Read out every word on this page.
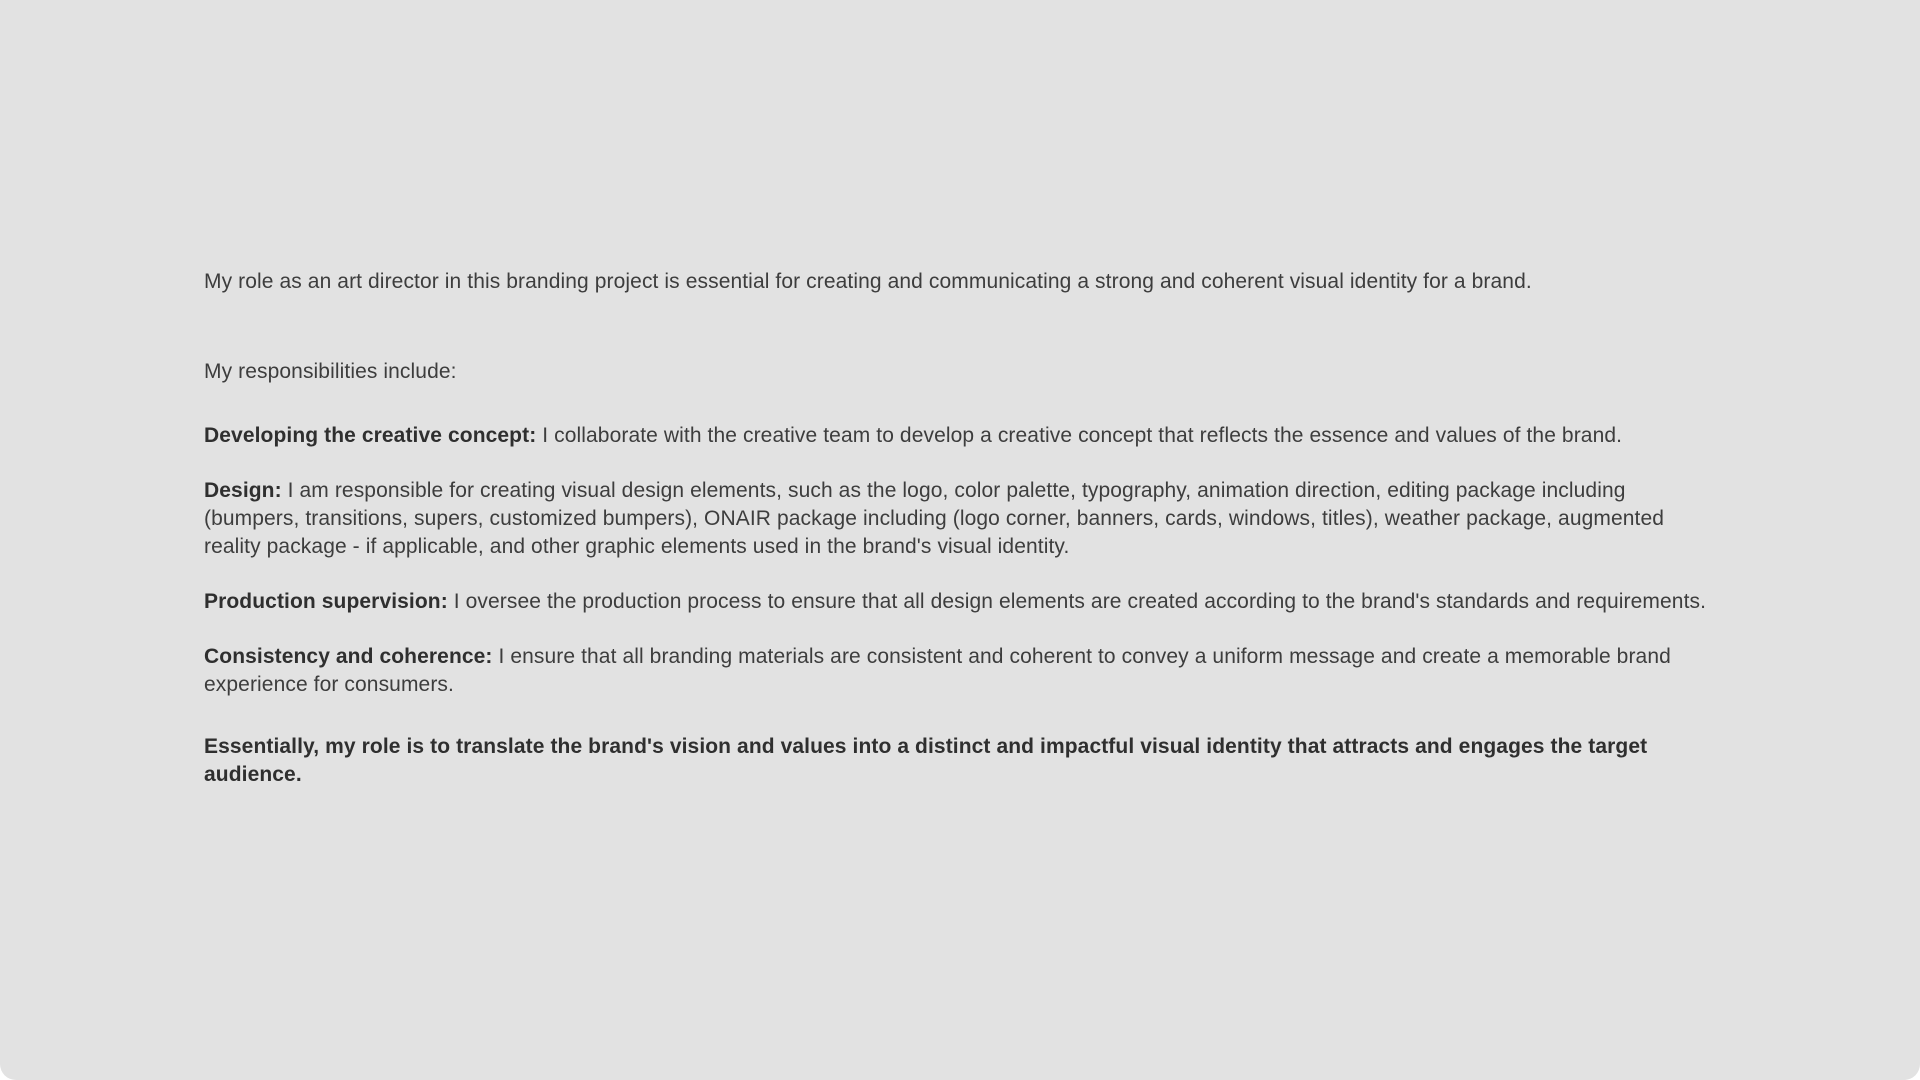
My role as an art director in this branding project is essential for creating and communicating a strong and coherent visual identity for a brand.

My responsibilities include:

Developing the creative concept: I collaborate with the creative team to develop a creative concept that reflects the essence and values of the brand.

Design: I am responsible for creating visual design elements, such as the logo, color palette, typography, animation direction, editing package including (bumpers, transitions, supers, customized bumpers), ONAIR package including (logo corner, banners, cards, windows, titles), weather package, augmented reality package - if applicable, and other graphic elements used in the brand's visual identity.

Production supervision: I oversee the production process to ensure that all design elements are created according to the brand's standards and requirements.

Consistency and coherence: I ensure that all branding materials are consistent and coherent to convey a uniform message and create a memorable brand experience for consumers.

Essentially, my role is to translate the brand's vision and values into a distinct and impactful visual identity that attracts and engages the target audience.
